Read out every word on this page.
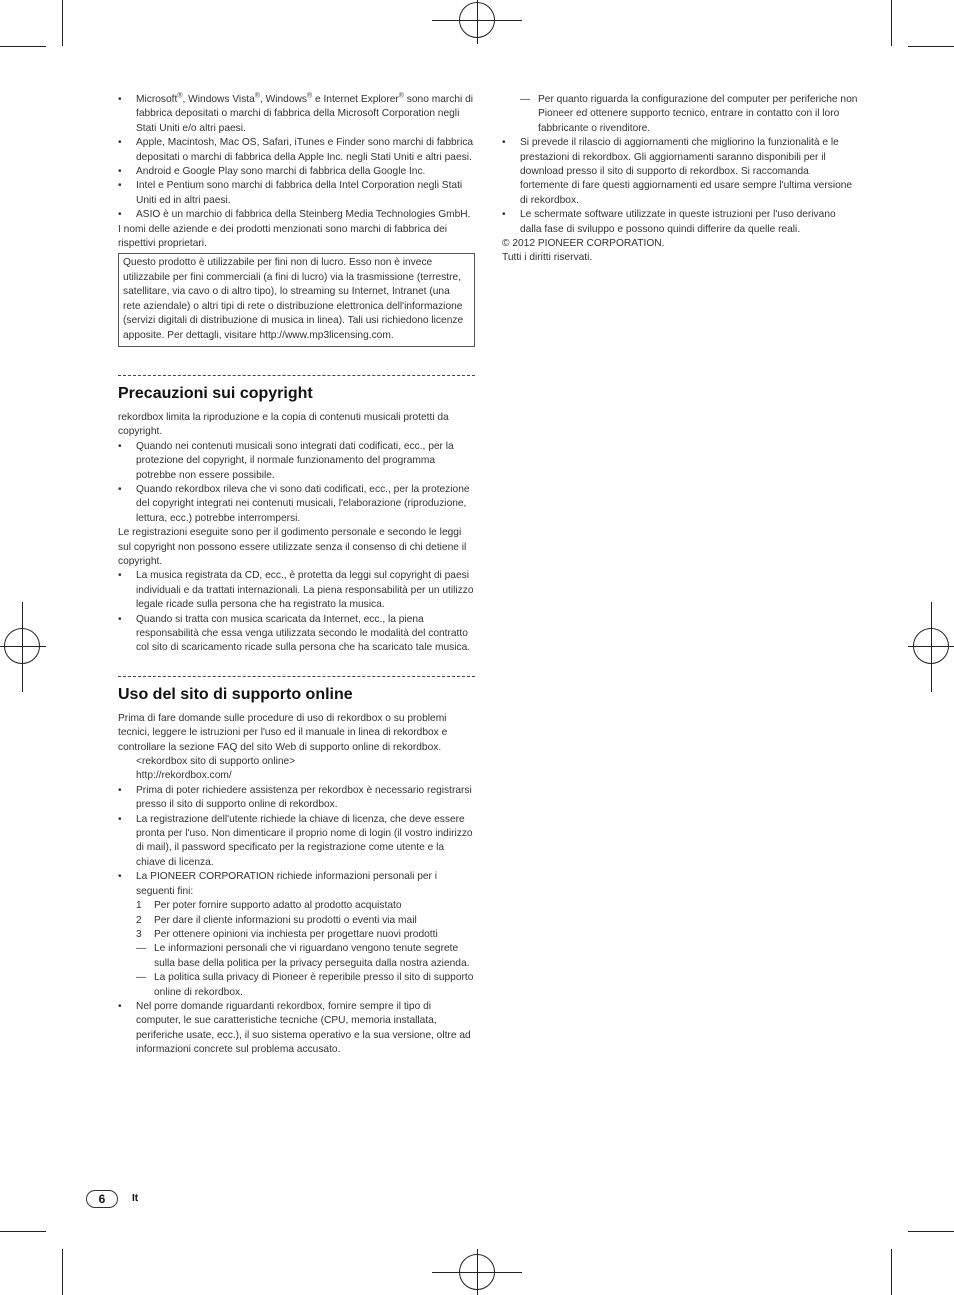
• Microsoft®, Windows Vista®, Windows® e Internet Explorer® sono marchi di fabbrica depositati o marchi di fabbrica della Microsoft Corporation negli Stati Uniti e/o altri paesi.
• Apple, Macintosh, Mac OS, Safari, iTunes e Finder sono marchi di fabbrica depositati o marchi di fabbrica della Apple Inc. negli Stati Uniti e altri paesi.
• Android e Google Play sono marchi di fabbrica della Google Inc.
• Intel e Pentium sono marchi di fabbrica della Intel Corporation negli Stati Uniti ed in altri paesi.
• ASIO è un marchio di fabbrica della Steinberg Media Technologies GmbH.

I nomi delle aziende e dei prodotti menzionati sono marchi di fabbrica dei rispettivi proprietari.

Questo prodotto è utilizzabile per fini non di lucro. Esso non è invece utilizzabile per fini commerciali (a fini di lucro) via la trasmissione (terrestre, satellitare, via cavo o di altro tipo), lo streaming su Internet, Intranet (una rete aziendale) o altri tipi di rete o distribuzione elettronica dell'informazione (servizi digitali di distribuzione di musica in linea). Tali usi richiedono licenze apposite. Per dettagli, visitare http://www.mp3licensing.com.
Precauzioni sui copyright

rekordbox limita la riproduzione e la copia di contenuti musicali protetti da copyright.

• Quando nei contenuti musicali sono integrati dati codificati, ecc., per la protezione del copyright, il normale funzionamento del programma potrebbe non essere possibile.
• Quando rekordbox rileva che vi sono dati codificati, ecc., per la protezione del copyright integrati nei contenuti musicali, l'elaborazione (riproduzione, lettura, ecc.) potrebbe interrompersi.

Le registrazioni eseguite sono per il godimento personale e secondo le leggi sul copyright non possono essere utilizzate senza il consenso di chi detiene il copyright.

• La musica registrata da CD, ecc., è protetta da leggi sul copyright di paesi individuali e da trattati internazionali. La piena responsabilità per un utilizzo legale ricade sulla persona che ha registrato la musica.
• Quando si tratta con musica scaricata da Internet, ecc., la piena responsabilità che essa venga utilizzata secondo le modalità del contratto col sito di scaricamento ricade sulla persona che ha scaricato tale musica.
Uso del sito di supporto online

Prima di fare domande sulle procedure di uso di rekordbox o su problemi tecnici, leggere le istruzioni per l'uso ed il manuale in linea di rekordbox e controllare la sezione FAQ del sito Web di supporto online di rekordbox.

<rekordbox sito di supporto online>
http://rekordbox.com/
• Prima di poter richiedere assistenza per rekordbox è necessario registrarsi presso il sito di supporto online di rekordbox.
• La registrazione dell'utente richiede la chiave di licenza, che deve essere pronta per l'uso. Non dimenticare il proprio nome di login (il vostro indirizzo di mail), il password specificato per la registrazione come utente e la chiave di licenza.
• La PIONEER CORPORATION richiede informazioni personali per i seguenti fini:
1 Per poter fornire supporto adatto al prodotto acquistato
2 Per dare il cliente informazioni su prodotti o eventi via mail
3 Per ottenere opinioni via inchiesta per progettare nuovi prodotti
— Le informazioni personali che vi riguardano vengono tenute segrete sulla base della politica per la privacy perseguita dalla nostra azienda.
— La politica sulla privacy di Pioneer è reperibile presso il sito di supporto online di rekordbox.
• Nel porre domande riguardanti rekordbox, fornire sempre il tipo di computer, le sue caratteristiche tecniche (CPU, memoria installata, periferiche usate, ecc.), il suo sistema operativo e la sua versione, oltre ad informazioni concrete sul problema accusato.
— Per quanto riguarda la configurazione del computer per periferiche non Pioneer ed ottenere supporto tecnico, entrare in contatto con il loro fabbricante o rivenditore.
• Si prevede il rilascio di aggiornamenti che migliorino la funzionalità e le prestazioni di rekordbox. Gli aggiornamenti saranno disponibili per il download presso il sito di supporto di rekordbox. Si raccomanda fortemente di fare questi aggiornamenti ed usare sempre l'ultima versione di rekordbox.
• Le schermate software utilizzate in queste istruzioni per l'uso derivano dalla fase di sviluppo e possono quindi differire da quelle reali.

© 2012 PIONEER CORPORATION.

Tutti i diritti riservati.

6	It
